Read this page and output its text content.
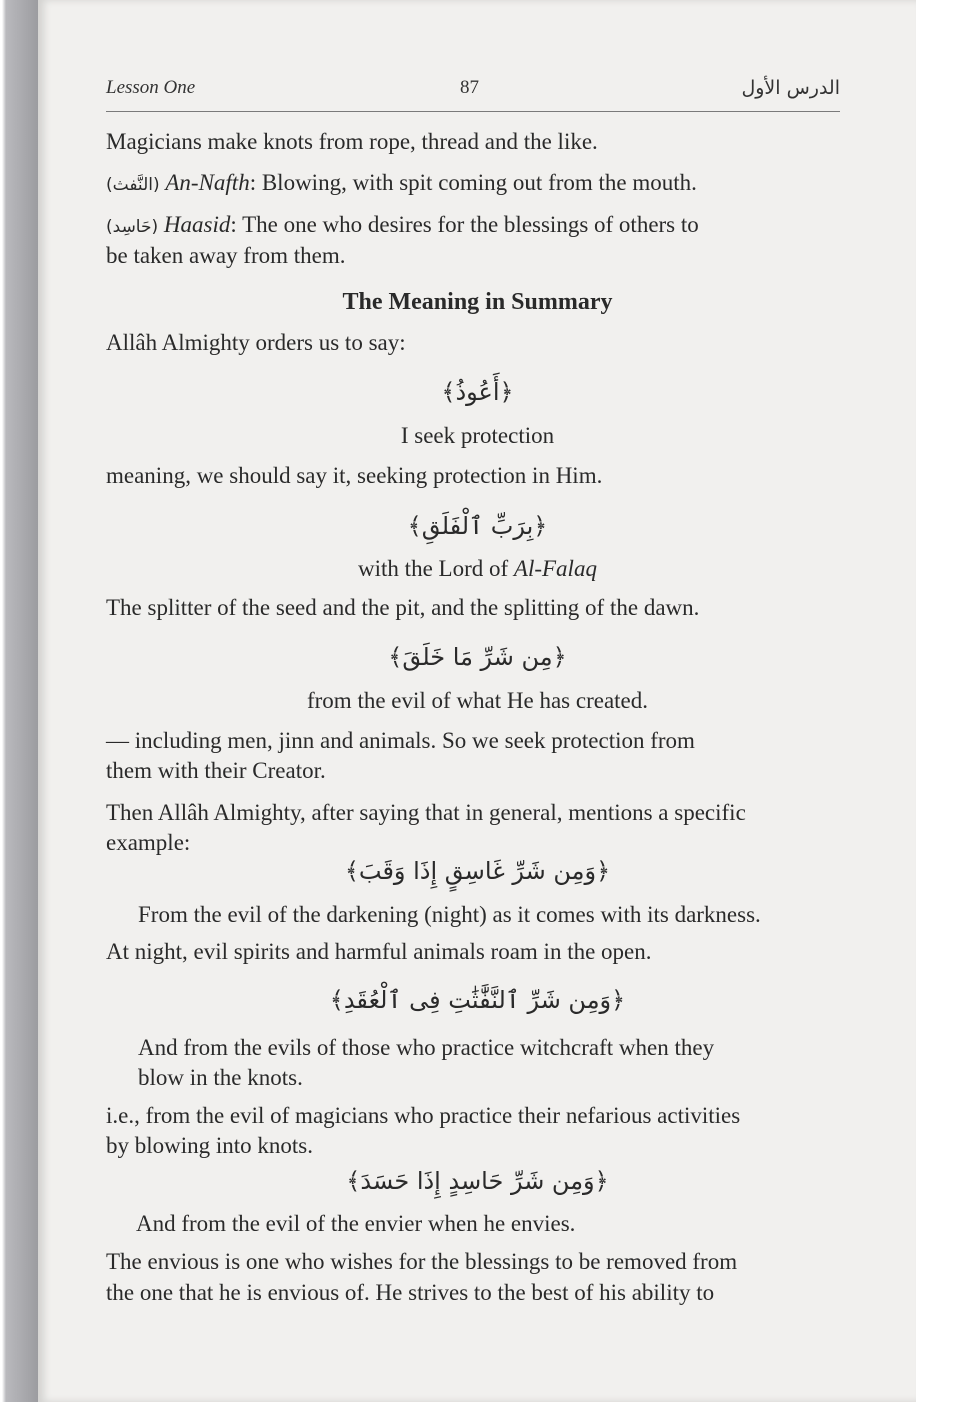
Lesson One	87	الدرس الأول
Magicians make knots from rope, thread and the like.
(النَّفث) An-Nafth: Blowing, with spit coming out from the mouth.
(حَاسِد) Haasid: The one who desires for the blessings of others to
be taken away from them.
The Meaning in Summary
Allâh Almighty orders us to say:
﴿أَعُوذُ﴾
I seek protection
meaning, we should say it, seeking protection in Him.
﴿بِرَبِّ ٱلْفَلَقِ﴾
with the Lord of Al-Falaq
The splitter of the seed and the pit, and the splitting of the dawn.
﴿مِن شَرِّ مَا خَلَقَ﴾
from the evil of what He has created.
— including men, jinn and animals. So we seek protection from
them with their Creator.
Then Allâh Almighty, after saying that in general, mentions a specific
example:
﴿وَمِن شَرِّ غَاسِقٍ إِذَا وَقَبَ﴾
From the evil of the darkening (night) as it comes with its darkness.
At night, evil spirits and harmful animals roam in the open.
﴿وَمِن شَرِّ ٱلنَّفَّٰثَٰتِ فِى ٱلْعُقَدِ﴾
And from the evils of those who practice witchcraft when they
blow in the knots.
i.e., from the evil of magicians who practice their nefarious activities
by blowing into knots.
﴿وَمِن شَرِّ حَاسِدٍ إِذَا حَسَدَ﴾
And from the evil of the envier when he envies.
The envious is one who wishes for the blessings to be removed from
the one that he is envious of. He strives to the best of his ability to
